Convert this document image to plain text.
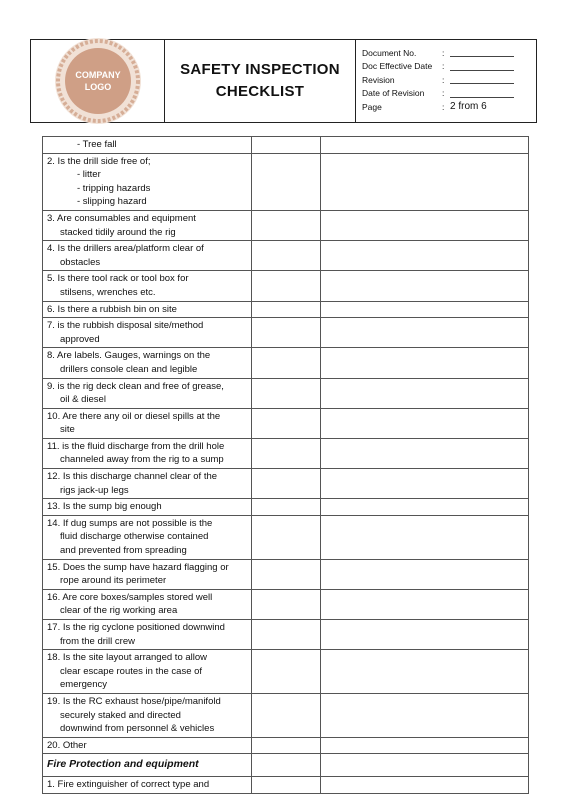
COMPANY
LOGO
SAFETY INSPECTION
CHECKLIST
Document No.	:
Doc Effective Date	:
Revision	:
Date of Revision	:
Page	: 2 from 6
- Tree fall		

2. Is the drill side free of;
- litter
- tripping hazards
- slipping hazard		

3. Are consumables and equipment
stacked tidily around the rig		

4. Is the drillers area/platform clear of
obstacles		

5. Is there tool rack or tool box for
stilsens, wrenches etc.		

6. Is there a rubbish bin on site		

7. is the rubbish disposal site/method
approved		

8. Are labels. Gauges, warnings on the
drillers console clean and legible		

9. is the rig deck clean and free of grease,
oil & diesel		

10. Are there any oil or diesel spills at the
site		

11. is the fluid discharge from the drill hole
channeled away from the rig to a sump		

12. Is this discharge channel clear of the
rigs jack-up legs		

13. Is the sump big enough		

14. If dug sumps are not possible is the
fluid discharge otherwise contained
and prevented from spreading		

15. Does the sump have hazard flagging or
rope around its perimeter		

16. Are core boxes/samples stored well
clear of the rig working area		

17. Is the rig cyclone positioned downwind
from the drill crew		

18. Is the site layout arranged to allow
clear escape routes in the case of
emergency		

19. Is the RC exhaust hose/pipe/manifold
securely staked and directed
downwind from personnel & vehicles		

20. Other		

Fire Protection and equipment		

1. Fire extinguisher of correct type and		
